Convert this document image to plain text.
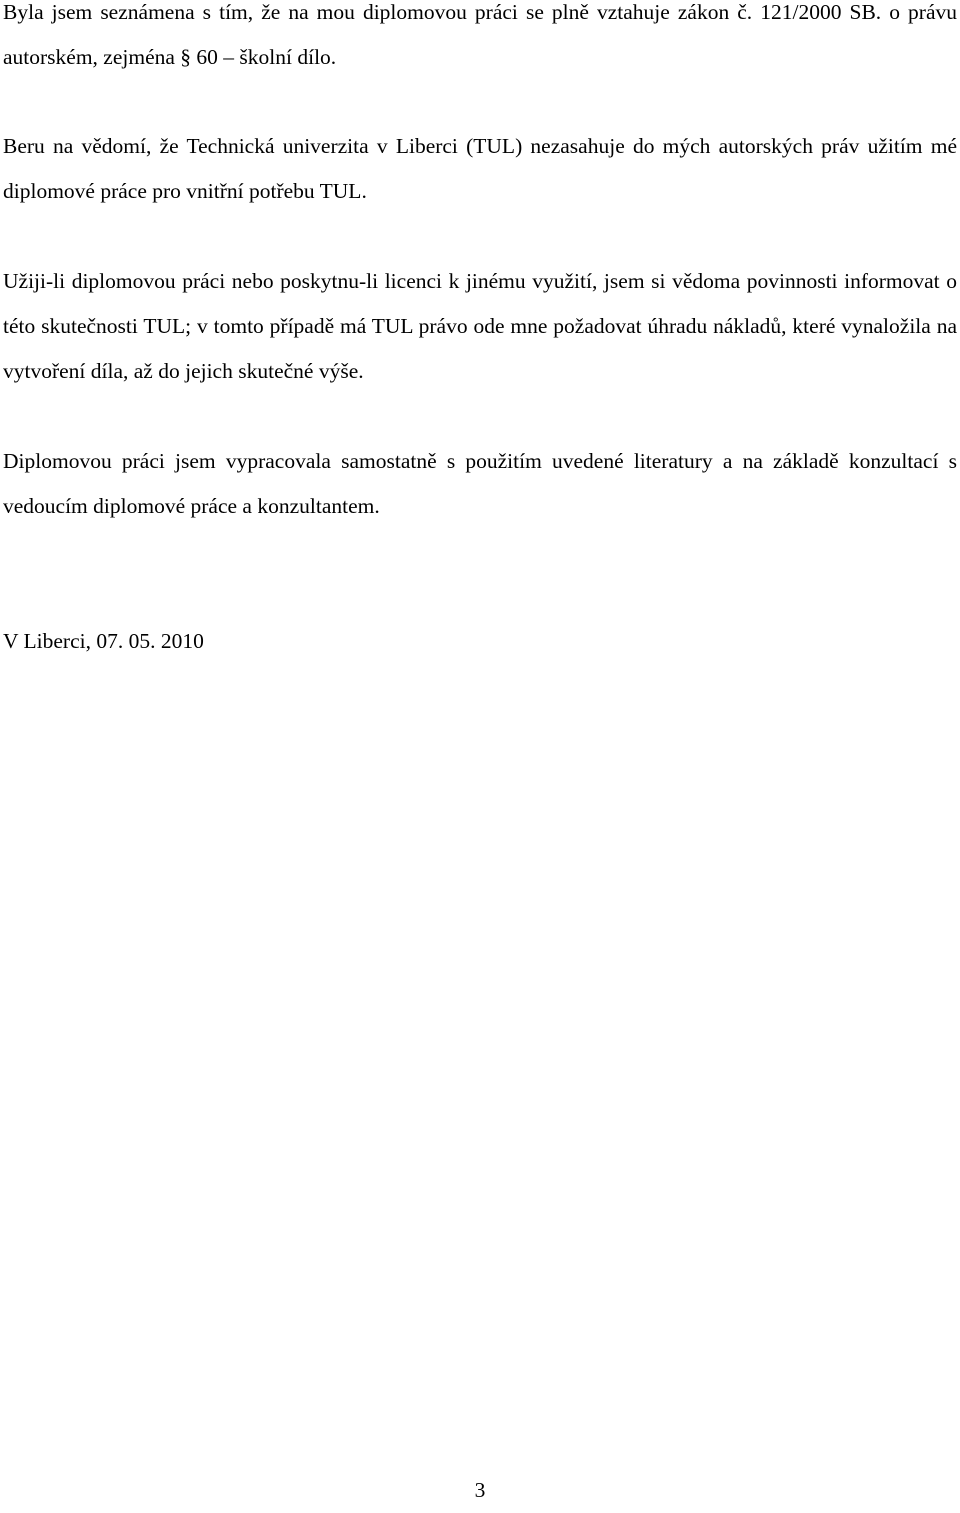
Byla jsem seznámena s tím, že na mou diplomovou práci se plně vztahuje zákon č. 121/2000 SB. o právu autorském, zejména § 60 – školní dílo.

Beru na vědomí, že Technická univerzita v Liberci (TUL) nezasahuje do mých autorských práv užitím mé diplomové práce pro vnitřní potřebu TUL.

Užiji-li diplomovou práci nebo poskytnu-li licenci k jinému využití, jsem si vědoma povinnosti informovat o této skutečnosti TUL; v tomto případě má TUL právo ode mne požadovat úhradu nákladů, které vynaložila na vytvoření díla, až do jejich skutečné výše.

Diplomovou práci jsem vypracovala samostatně s použitím uvedené literatury a na základě konzultací s vedoucím diplomové práce a konzultantem.

V Liberci, 07. 05. 2010

3
